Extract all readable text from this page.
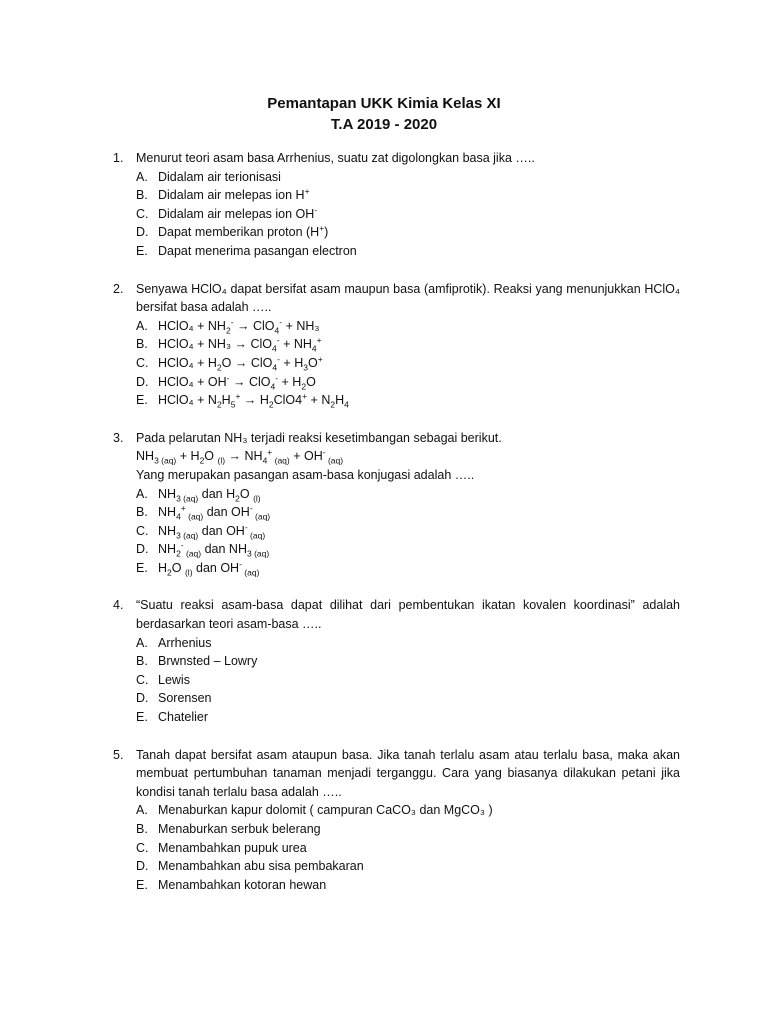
Pemantapan UKK Kimia Kelas XI
T.A 2019 - 2020
1. Menurut teori asam basa Arrhenius, suatu zat digolongkan basa jika …..
A. Didalam air terionisasi
B. Didalam air melepas ion H+
C. Didalam air melepas ion OH-
D. Dapat memberikan proton (H+)
E. Dapat menerima pasangan electron
2. Senyawa HClO₄ dapat bersifat asam maupun basa (amfiprotik). Reaksi yang menunjukkan HClO₄ bersifat basa adalah …..
A. HClO₄ + $NH_2^- \to ClO_4^- + NH_3$
B. HClO₄ + $NH_3 \to ClO_4^- + NH_4^+$
C. HClO₄ + $H_2O \to ClO_4^- + H_3O^+$
D. HClO₄ + $OH^- \to ClO_4^- + H_2O$
E. HClO₄ + $N_2H_5^+ \to H_2ClO4^+ + N_2H_4$
3. Pada pelarutan NH₃ terjadi reaksi kesetimbangan sebagai berikut.
$NH_{3 (aq)} + H_2O$ $_{(l)} \to NH_4^+$ $_{(aq)}$ + OH- $_{(aq)}$
Yang merupakan pasangan asam-basa konjugasi adalah …..
A. $NH_{3 (aq)}$ dan $H_2O$ $_{(l)}$
B. $NH_4^+$ $_{(aq)}$ dan OH- $_{(aq)}$
C. $NH_{3 (aq)}$ dan OH- $_{(aq)}$
D. $NH_2^-$ $_{(aq)}$ dan $NH_{3 (aq)}$
E. $H_2O$ $_{(l)}$ dan OH- $_{(aq)}$
4. “Suatu reaksi asam-basa dapat dilihat dari pembentukan ikatan kovalen koordinasi” adalah berdasarkan teori asam-basa …..
A. Arrhenius
B. Brwnsted – Lowry
C. Lewis
D. Sorensen
E. Chatelier
5. Tanah dapat bersifat asam ataupun basa. Jika tanah terlalu asam atau terlalu basa, maka akan membuat pertumbuhan tanaman menjadi terganggu. Cara yang biasanya dilakukan petani jika kondisi tanah terlalu basa adalah …..
A. Menaburkan kapur dolomit ( campuran CaCO₃ dan MgCO₃ )
B. Menaburkan serbuk belerang
C. Menambahkan pupuk urea
D. Menambahkan abu sisa pembakaran
E. Menambahkan kotoran hewan
